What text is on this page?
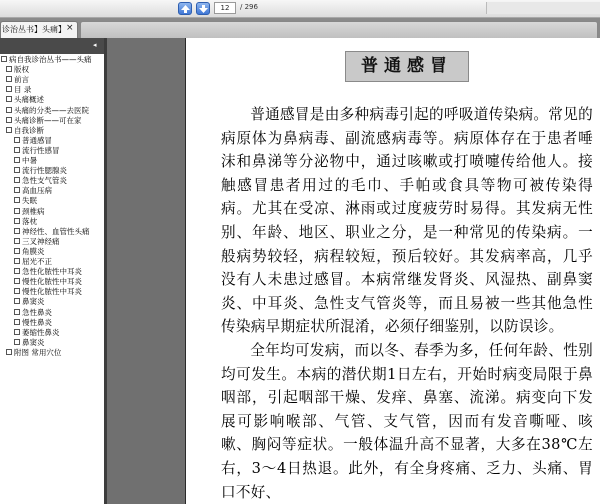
12
/ 296
诊治丛书】头痛】 ×
◂
病自我诊治丛书——头痛
版权
前言
目 录
头痛概述
头痛的分类——去医院
头痛诊断——可在家
自我诊断
普通感冒
流行性感冒
中暑
流行性腮腺炎
急性支气管炎
高血压病
失眠
颈椎病
落枕
神经性、血管性头痛
三叉神经痛
角膜炎
屈光不正
急性化脓性中耳炎
慢性化脓性中耳炎
慢性化脓性中耳炎
鼻窦炎
急性鼻炎
慢性鼻炎
萎缩性鼻炎
鼻窦炎
附图 常用穴位
普通感冒

普通感冒是由多种病毒引起的呼吸道传染病。常见的病原体为鼻病毒、副流感病毒等。病原体存在于患者唾沫和鼻涕等分泌物中，通过咳嗽或打喷嚏传给他人。接触感冒患者用过的毛巾、手帕或食具等物可被传染得病。尤其在受凉、淋雨或过度疲劳时易得。其发病无性别、年龄、地区、职业之分，是一种常见的传染病。一般病势较轻，病程较短，预后较好。其发病率高，几乎没有人未患过感冒。本病常继发肾炎、风湿热、副鼻窦炎、中耳炎、急性支气管炎等，而且易被一些其他急性传染病早期症状所混淆，必须仔细鉴别，以防误诊。

全年均可发病，而以冬、春季为多，任何年龄、性别均可发生。本病的潜伏期1日左右，开始时病变局限于鼻咽部，引起咽部干燥、发痒、鼻塞、流涕。病变向下发展可影响喉部、气管、支气管，因而有发音嘶哑、咳嗽、胸闷等症状。一般体温升高不显著，大多在38℃左右，3～4日热退。此外，有全身疼痛、乏力、头痛、胃口不好、
